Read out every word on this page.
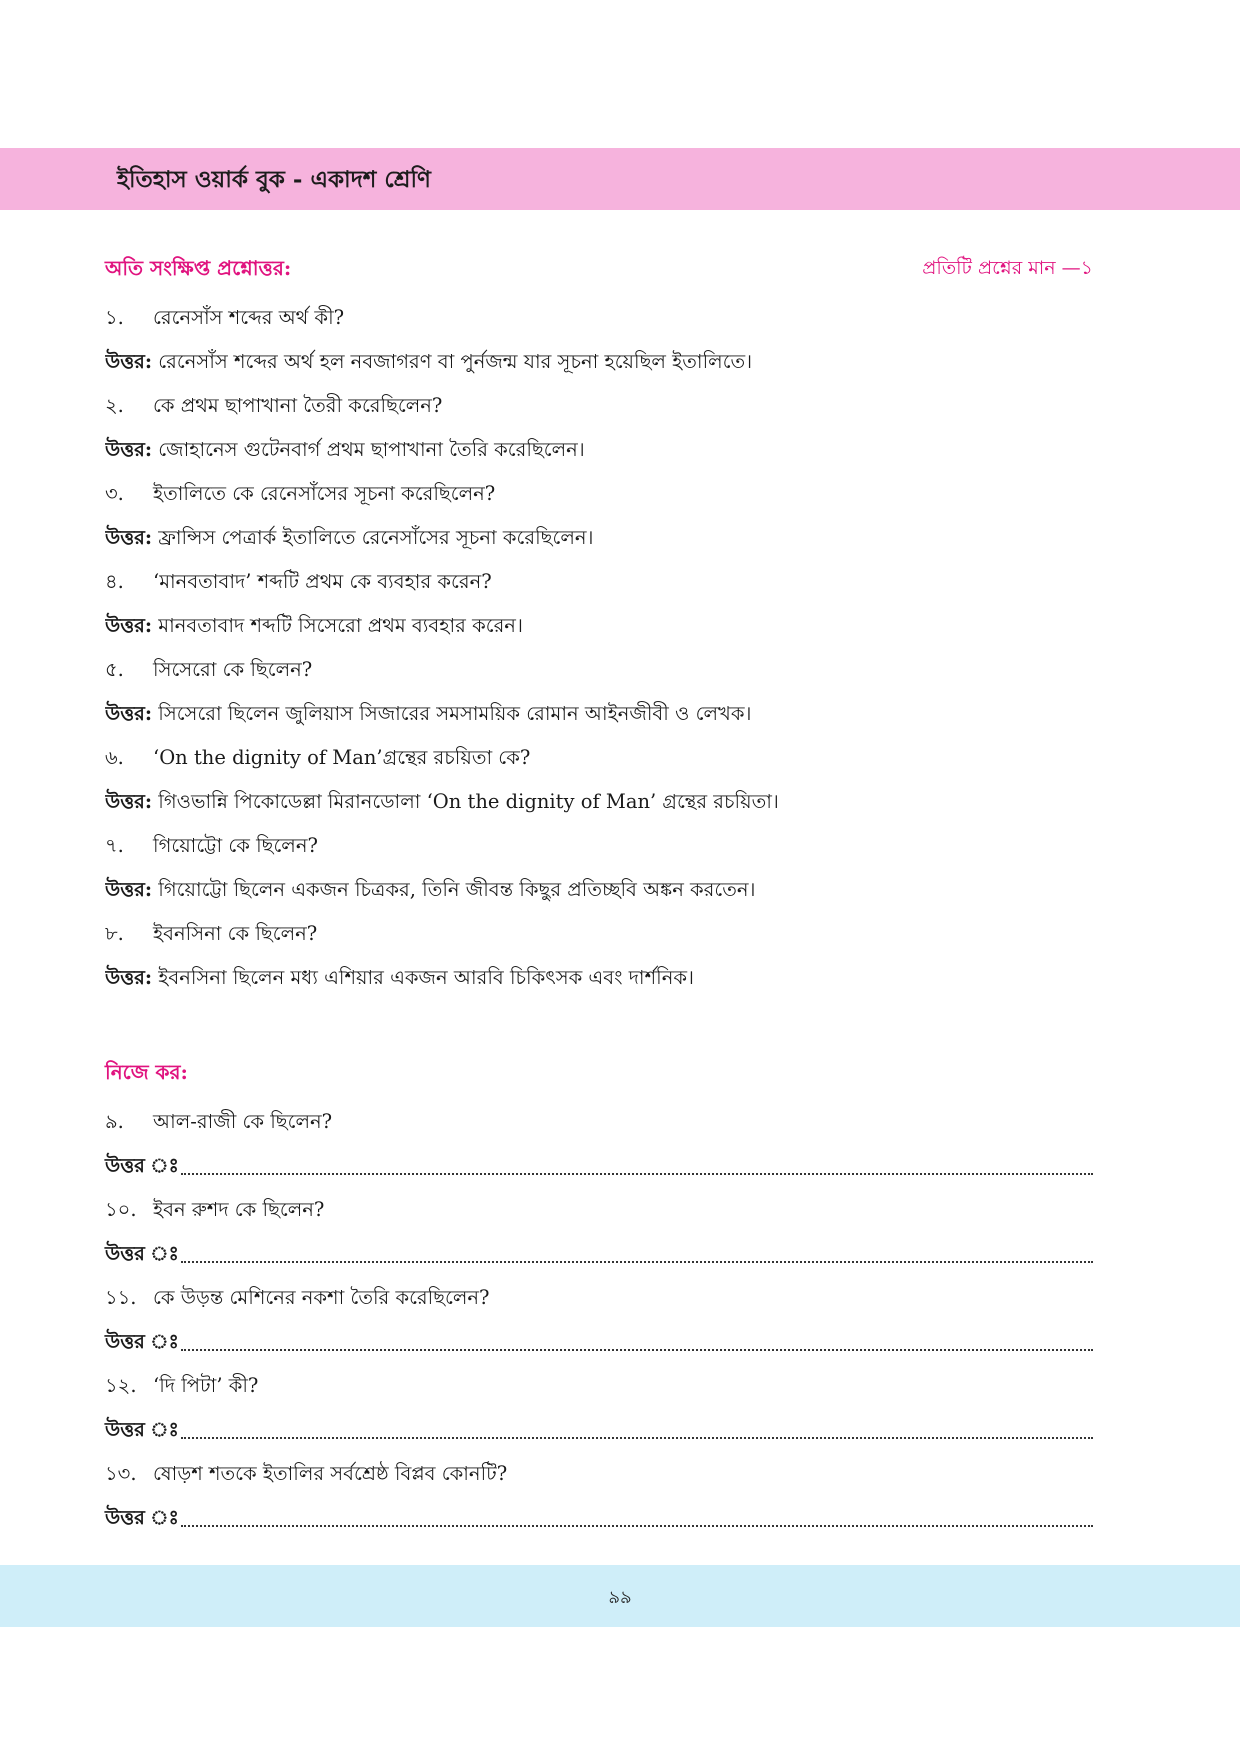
ইতিহাস ওয়ার্ক বুক - একাদশ শ্রেণি
অতি সংক্ষিপ্ত প্রশ্নোত্তর:	প্রতিটি প্রশ্নের মান —১
১. রেনেসাঁস শব্দের অর্থ কী?
উত্তর: রেনেসাঁস শব্দের অর্থ হল নবজাগরণ বা পুর্নজন্ম যার সূচনা হয়েছিল ইতালিতে।
২. কে প্রথম ছাপাখানা তৈরী করেছিলেন?
উত্তর: জোহানেস গুটেনবার্গ প্রথম ছাপাখানা তৈরি করেছিলেন।
৩. ইতালিতে কে রেনেসাঁসের সূচনা করেছিলেন?
উত্তর: ফ্রান্সিস পেত্রার্ক ইতালিতে রেনেসাঁসের সূচনা করেছিলেন।
৪. ‘মানবতাবাদ’ শব্দটি প্রথম কে ব্যবহার করেন?
উত্তর: মানবতাবাদ শব্দটি সিসেরো প্রথম ব্যবহার করেন।
৫. সিসেরো কে ছিলেন?
উত্তর: সিসেরো ছিলেন জুলিয়াস সিজারের সমসাময়িক রোমান আইনজীবী ও লেখক।
৬. ‘On the dignity of Man’গ্রন্থের রচয়িতা কে?
উত্তর: গিওভান্নি পিকোডেল্লা মিরানডোলা ‘On the dignity of Man’ গ্রন্থের রচয়িতা।
৭. গিয়োট্টো কে ছিলেন?
উত্তর: গিয়োট্টো ছিলেন একজন চিত্রকর, তিনি জীবন্ত কিছুর প্রতিচ্ছবি অঙ্কন করতেন।
৮. ইবনসিনা কে ছিলেন?
উত্তর: ইবনসিনা ছিলেন মধ্য এশিয়ার একজন আরবি চিকিৎসক এবং দার্শনিক।
নিজে কর:
৯. আল-রাজী কে ছিলেন?
উত্তর ঃ
১০. ইবন রুশদ কে ছিলেন?
উত্তর ঃ
১১. কে উড়ন্ত মেশিনের নকশা তৈরি করেছিলেন?
উত্তর ঃ
১২. ‘দি পিটা’ কী?
উত্তর ঃ
১৩. ষোড়শ শতকে ইতালির সর্বশ্রেষ্ঠ বিপ্লব কোনটি?
উত্তর ঃ
৯৯
